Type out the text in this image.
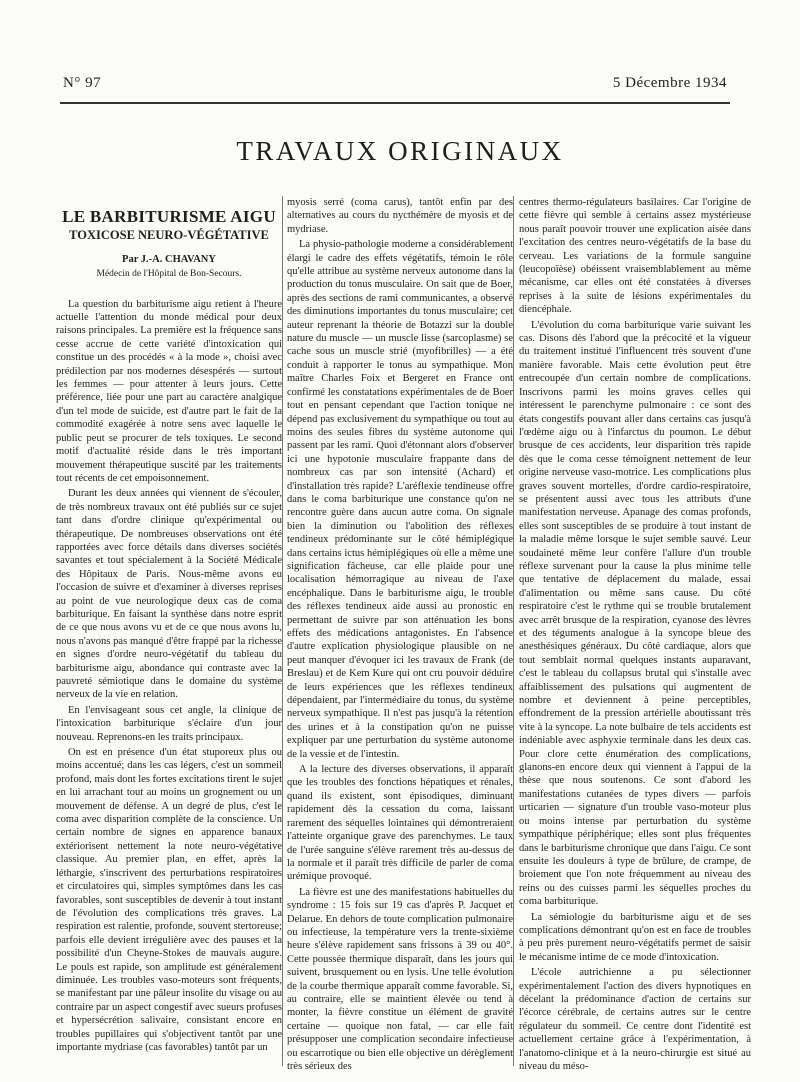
N° 97	5 Décembre 1934
TRAVAUX ORIGINAUX
LE BARBITURISME AIGU
TOXICOSE NEURO-VÉGÉTATIVE
Par J.-A. CHAVANY
Médecin de l'Hôpital de Bon-Secours.

La question du barbiturisme aigu retient à l'heure actuelle l'attention du monde médical pour deux raisons principales. La première est la fréquence sans cesse accrue de cette variété d'intoxication qui constitue un des procédés « à la mode », choisi avec prédilection par nos modernes désespérés — surtout les femmes — pour attenter à leurs jours. Cette préférence, liée pour une part au caractère analgique d'un tel mode de suicide, est d'autre part le fait de la commodité exagérée à notre sens avec laquelle le public peut se procurer de tels toxiques. Le second motif d'actualité réside dans le très important mouvement thérapeutique suscité par les traitements tout récents de cet empoisonnement.

Durant les deux années qui viennent de s'écouler, de très nombreux travaux ont été publiés sur ce sujet tant dans d'ordre clinique qu'expérimental ou thérapeutique. De nombreuses observations ont été rapportées avec force détails dans diverses sociétés savantes et tout spécialement à la Société Médicale des Hôpitaux de Paris. Nous-même avons eu l'occasion de suivre et d'examiner à diverses reprises au point de vue neurologique deux cas de coma barbiturique. En faisant la synthèse dans notre esprit de ce que nous avons vu et de ce que nous avons lu, nous n'avons pas manqué d'être frappé par la richesse en signes d'ordre neuro-végétatif du tableau du barbiturisme aigu, abondance qui contraste avec la pauvreté sémiotique dans le domaine du système nerveux de la vie en relation.

En l'envisageant sous cet angle, la clinique de l'intoxication barbiturique s'éclaire d'un jour nouveau. Reprenons-en les traits principaux.

On est en présence d'un état stuporeux plus ou moins accentué; dans les cas légers, c'est un sommeil profond, mais dont les fortes excitations tirent le sujet en lui arrachant tout au moins un grognement ou un mouvement de défense. A un degré de plus, c'est le coma avec disparition complète de la conscience. Un certain nombre de signes en apparence banaux extériorisent nettement la note neuro-végétative classique. Au premier plan, en effet, après la léthargie, s'inscrivent des perturbations respiratoires et circulatoires qui, simples symptômes dans les cas favorables, sont susceptibles de devenir à tout instant de l'évolution des complications très graves. La respiration est ralentie, profonde, souvent stertoreuse; parfois elle devient irrégulière avec des pauses et la possibilité d'un Cheyne-Stokes de mauvais augure. Le pouls est rapide, son amplitude est généralement diminuée. Les troubles vaso-moteurs sont fréquents, se manifestant par une pâleur insolite du visage ou au contraire par un aspect congestif avec sueurs profuses et hypersécrétion salivaire, consistant encore en troubles pupillaires qui s'objectivent tantôt par une importante mydriase (cas favorables) tantôt par un

myosis serré (coma carus), tantôt enfin par des alternatives au cours du nycthémère de myosis et de mydriase.

La physio-pathologie moderne a considérablement élargi le cadre des effets végétatifs, témoin le rôle qu'elle attribue au système nerveux autonome dans la production du tonus musculaire. On sait que de Boer, après des sections de rami communicantes, a observé des diminutions importantes du tonus musculaire; cet auteur reprenant la théorie de Botazzi sur la double nature du muscle — un muscle lisse (sarcoplasme) se cache sous un muscle strié (myofibrilles) — a été conduit à rapporter le tonus au sympathique. Mon maître Charles Foix et Bergeret en France ont confirmé les constatations expérimentales de de Boer tout en pensant cependant que l'action tonique ne dépend pas exclusivement du sympathique ou tout au moins des seules fibres du système autonome qui passent par les rami. Quoi d'étonnant alors d'observer ici une hypotonie musculaire frappante dans de nombreux cas par son intensité (Achard) et d'installation très rapide? L'aréflexie tendineuse offre dans le coma barbiturique une constance qu'on ne rencontre guère dans aucun autre coma. On signale bien la diminution ou l'abolition des réflexes tendineux prédominante sur le côté hémiplégique dans certains ictus hémiplégiques où elle a même une signification fâcheuse, car elle plaide pour une localisation hémorragique au niveau de l'axe encéphalique. Dans le barbiturisme aigu, le trouble des réflexes tendineux aide aussi au pronostic en permettant de suivre par son atténuation les bons effets des médications antagonistes. En l'absence d'autre explication physiologique plausible on ne peut manquer d'évoquer ici les travaux de Frank (de Breslau) et de Kem Kure qui ont cru pouvoir déduire de leurs expériences que les réflexes tendineux dépendaient, par l'intermédiaire du tonus, du système nerveux sympathique. Il n'est pas jusqu'à la rétention des urines et à la constipation qu'on ne puisse expliquer par une perturbation du système autonome de la vessie et de l'intestin.

A la lecture des diverses observations, il apparaît que les troubles des fonctions hépatiques et rénales, quand ils existent, sont épisodiques, diminuant rapidement dès la cessation du coma, laissant rarement des séquelles lointaines qui démontreraient l'atteinte organique grave des parenchymes. Le taux de l'urée sanguine s'élève rarement très au-dessus de la normale et il paraît très difficile de parler de coma urémique provoqué.

La fièvre est une des manifestations habituelles du syndrome : 15 fois sur 19 cas d'après P. Jacquet et Delarue. En dehors de toute complication pulmonaire ou infectieuse, la température vers la trente-sixième heure s'élève rapidement sans frissons à 39 ou 40°. Cette poussée thermique disparaît, dans les jours qui suivent, brusquement ou en lysis. Une telle évolution de la courbe thermique apparaît comme favorable. Si, au contraire, elle se maintient élevée ou tend à monter, la fièvre constitue un élément de gravité certaine — quoique non fatal, — car elle fait présupposer une complication secondaire infectieuse ou escarrotique ou bien elle objective un dérèglement très sérieux des

centres thermo-régulateurs basilaires. Car l'origine de cette fièvre qui semble à certains assez mystérieuse nous paraît pouvoir trouver une explication aisée dans l'excitation des centres neuro-végétatifs de la base du cerveau. Les variations de la formule sanguine (leucopoïèse) obéissent vraisemblablement au même mécanisme, car elles ont été constatées à diverses reprises à la suite de lésions expérimentales du diencéphale.

L'évolution du coma barbiturique varie suivant les cas. Disons dès l'abord que la précocité et la vigueur du traitement institué l'influencent très souvent d'une manière favorable. Mais cette évolution peut être entrecoupée d'un certain nombre de complications. Inscrivons parmi les moins graves celles qui intéressent le parenchyme pulmonaire : ce sont des états congestifs pouvant aller dans certains cas jusqu'à l'œdème aigu ou à l'infarctus du poumon. Le début brusque de ces accidents, leur disparition très rapide dès que le coma cesse témoignent nettement de leur origine nerveuse vaso-motrice. Les complications plus graves souvent mortelles, d'ordre cardio-respiratoire, se présentent aussi avec tous les attributs d'une manifestation nerveuse. Apanage des comas profonds, elles sont susceptibles de se produire à tout instant de la maladie même lorsque le sujet semble sauvé. Leur soudaineté même leur confère l'allure d'un trouble réflexe survenant pour la cause la plus minime telle que tentative de déplacement du malade, essai d'alimentation ou même sans cause. Du côté respiratoire c'est le rythme qui se trouble brutalement avec arrêt brusque de la respiration, cyanose des lèvres et des téguments analogue à la syncope bleue des anesthésiques généraux. Du côté cardiaque, alors que tout semblait normal quelques instants auparavant, c'est le tableau du collapsus brutal qui s'installe avec affaiblissement des pulsations qui augmentent de nombre et deviennent à peine perceptibles, effondrement de la pression artérielle aboutissant très vite à la syncope. La note bulbaire de tels accidents est indéniable avec asphyxie terminale dans les deux cas. Pour clore cette énumération des complications, glanons-en encore deux qui viennent à l'appui de la thèse que nous soutenons. Ce sont d'abord les manifestations cutanées de types divers — parfois urticarien — signature d'un trouble vaso-moteur plus ou moins intense par perturbation du système sympathique périphérique; elles sont plus fréquentes dans le barbiturisme chronique que dans l'aigu. Ce sont ensuite les douleurs à type de brûlure, de crampe, de broiement que l'on note fréquemment au niveau des reins ou des cuisses parmi les séquelles proches du coma barbiturique.

La sémiologie du barbiturisme aigu et de ses complications démontrant qu'on est en face de troubles à peu près purement neuro-végétatifs permet de saisir le mécanisme intime de ce mode d'intoxication.

L'école autrichienne a pu sélectionner expérimentalement l'action des divers hypnotiques en décelant la prédominance d'action de certains sur l'écorce cérébrale, de certains autres sur le centre régulateur du sommeil. Ce centre dont l'identité est actuellement certaine grâce à l'expérimentation, à l'anatomo-clinique et à la neuro-chirurgie est situé au niveau du méso-
